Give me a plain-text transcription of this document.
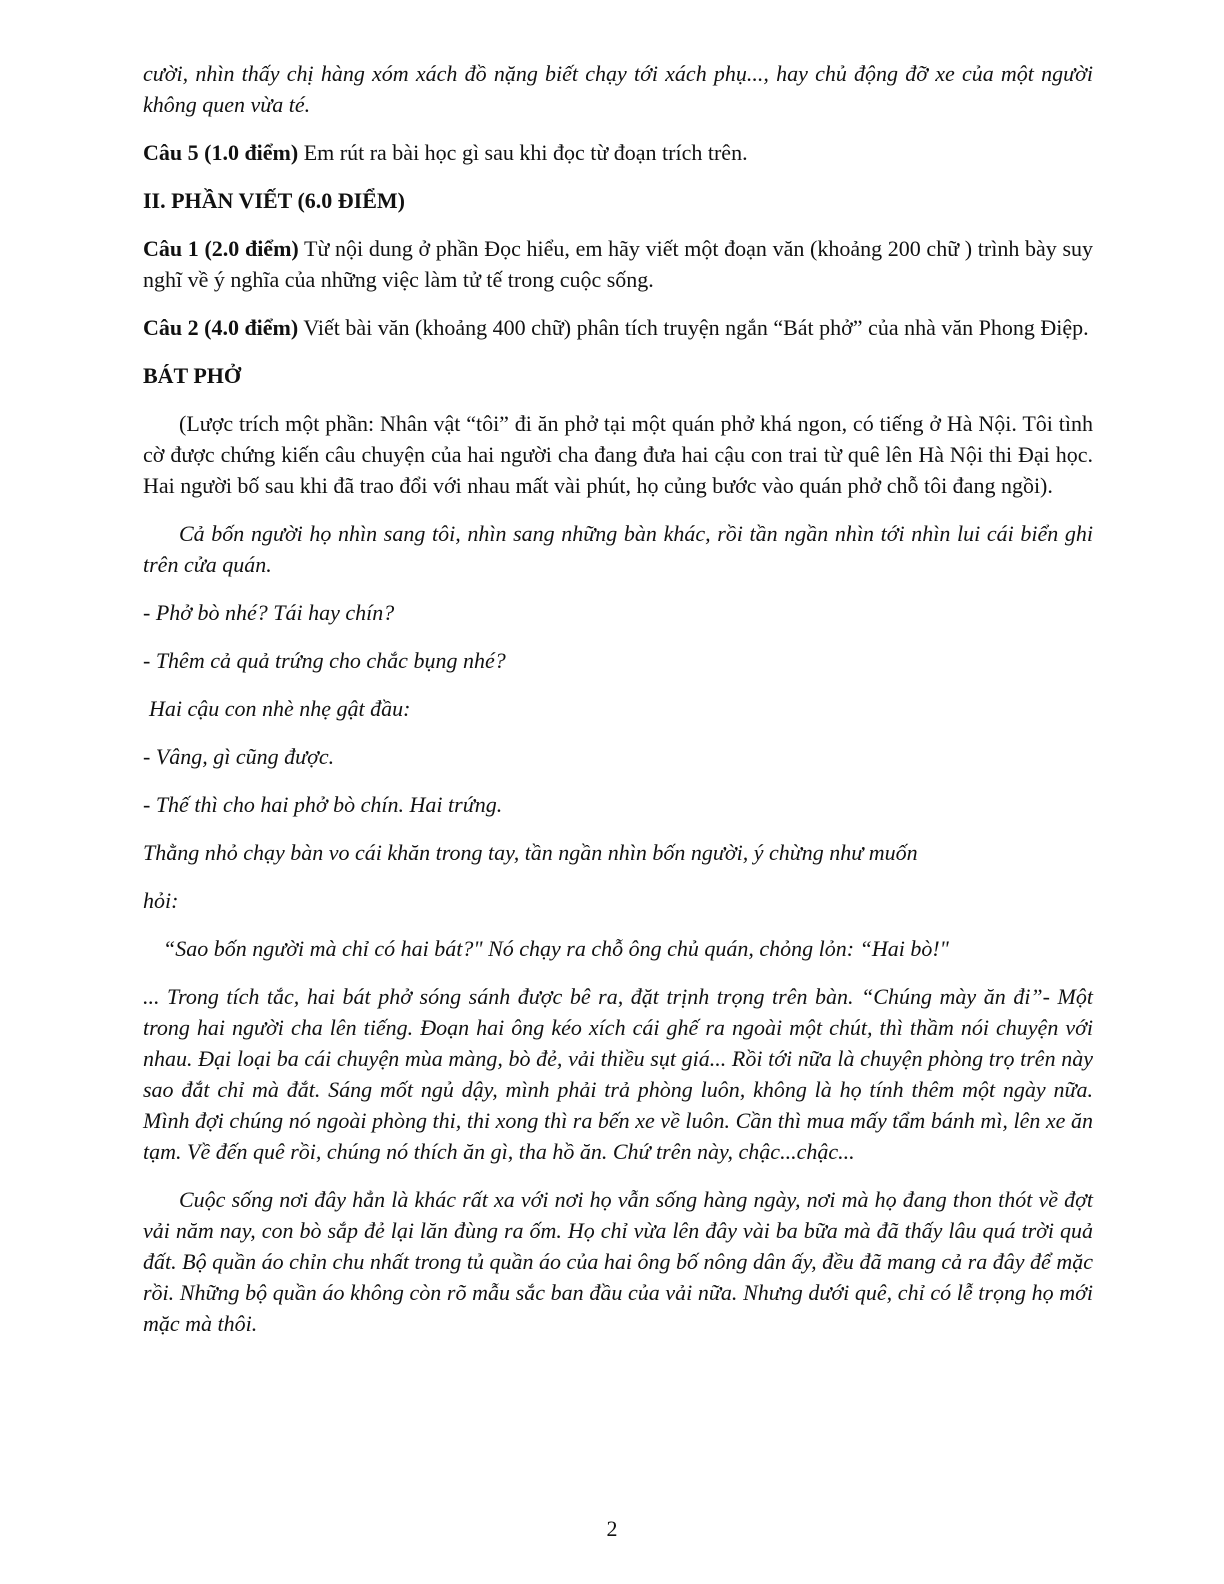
cười, nhìn thấy chị hàng xóm xách đồ nặng biết chạy tới xách phụ..., hay chủ động đỡ xe của một người không quen vừa té.

Câu 5 (1.0 điểm) Em rút ra bài học gì sau khi đọc từ đoạn trích trên.

II. PHẦN VIẾT (6.0 ĐIỂM)

Câu 1 (2.0 điểm) Từ nội dung ở phần Đọc hiểu, em hãy viết một đoạn văn (khoảng 200 chữ ) trình bày suy nghĩ về ý nghĩa của những việc làm tử tế trong cuộc sống.

Câu 2 (4.0 điểm) Viết bài văn (khoảng 400 chữ) phân tích truyện ngắn “Bát phở” của nhà văn Phong Điệp.

BÁT PHỞ

(Lược trích một phần: Nhân vật “tôi” đi ăn phở tại một quán phở khá ngon, có tiếng ở Hà Nội. Tôi tình cờ được chứng kiến câu chuyện của hai người cha đang đưa hai cậu con trai từ quê lên Hà Nội thi Đại học. Hai người bố sau khi đã trao đổi với nhau mất vài phút, họ củng bước vào quán phở chỗ tôi đang ngồi).

Cả bốn người họ nhìn sang tôi, nhìn sang những bàn khác, rồi tần ngần nhìn tới nhìn lui cái biển ghi trên cửa quán.

- Phở bò nhé? Tái hay chín?

- Thêm cả quả trứng cho chắc bụng nhé?

Hai cậu con nhè nhẹ gật đầu:

- Vâng, gì cũng được.

- Thế thì cho hai phở bò chín. Hai trứng.

Thằng nhỏ chạy bàn vo cái khăn trong tay, tần ngần nhìn bốn người, ý chừng như muốn

hỏi:

“Sao bốn người mà chỉ có hai bát?" Nó chạy ra chỗ ông chủ quán, chỏng lỏn: “Hai bò!"

... Trong tích tắc, hai bát phở sóng sánh được bê ra, đặt trịnh trọng trên bàn. “Chúng mày ăn đi”- Một trong hai người cha lên tiếng. Đoạn hai ông kéo xích cái ghế ra ngoài một chút, thì thầm nói chuyện với nhau. Đại loại ba cái chuyện mùa màng, bò đẻ, vải thiều sụt giá... Rồi tới nữa là chuyện phòng trọ trên này sao đắt chỉ mà đắt. Sáng mốt ngủ dậy, mình phải trả phòng luôn, không là họ tính thêm một ngày nữa. Mình đợi chúng nó ngoài phòng thi, thi xong thì ra bến xe về luôn. Cần thì mua mấy tẩm bánh mì, lên xe ăn tạm. Về đến quê rồi, chúng nó thích ăn gì, tha hồ ăn. Chứ trên này, chậc...chậc...

Cuộc sống nơi đây hẳn là khác rất xa với nơi họ vẫn sống hàng ngày, nơi mà họ đang thon thót về đợt vải năm nay, con bò sắp đẻ lại lăn đùng ra ốm. Họ chỉ vừa lên đây vài ba bữa mà đã thấy lâu quá trời quả đất. Bộ quần áo chỉn chu nhất trong tủ quần áo của hai ông bố nông dân ấy, đều đã mang cả ra đây để mặc rồi. Những bộ quần áo không còn rõ mẫu sắc ban đầu của vải nữa. Nhưng dưới quê, chỉ có lễ trọng họ mới mặc mà thôi.

2
